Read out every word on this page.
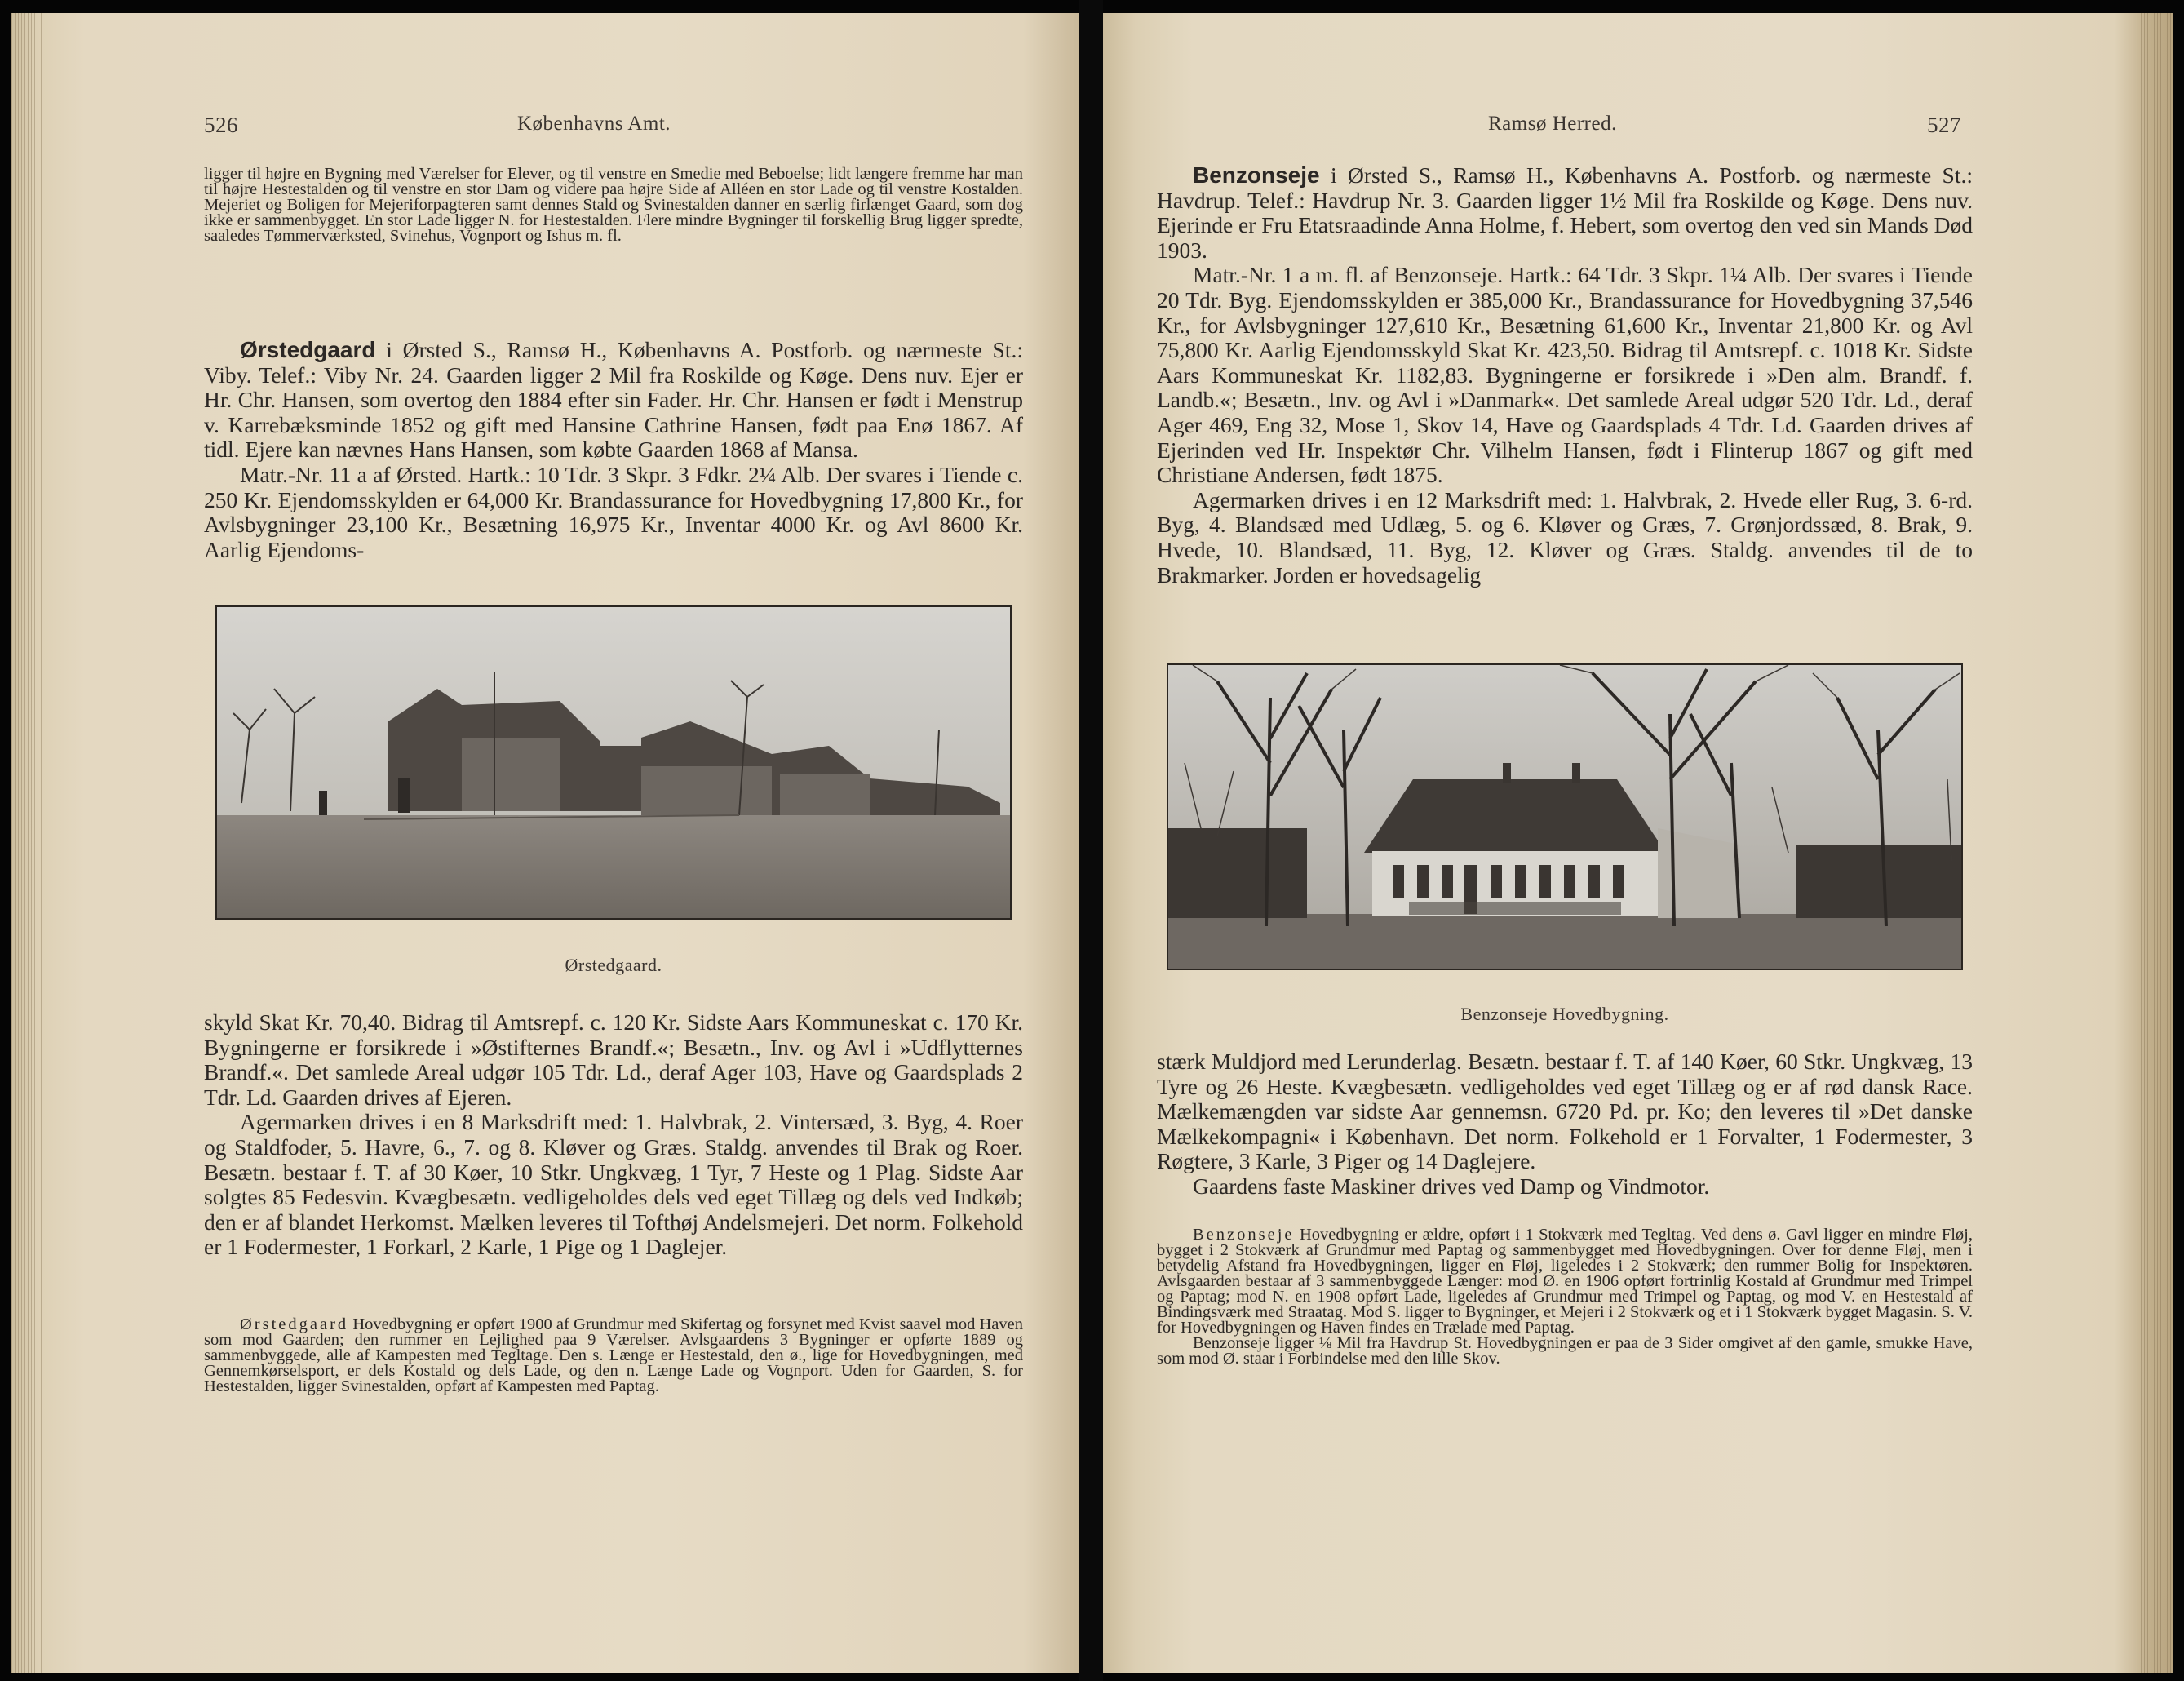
526	Københavns Amt.

ligger til højre en Bygning med Værelser for Elever, og til venstre en Smedie med Beboelse; lidt længere fremme har man til højre Hestestalden og til venstre en stor Dam og videre paa højre Side af Alléen en stor Lade og til venstre Kostalden. Mejeriet og Boligen for Mejeriforpagteren samt dennes Stald og Svinestalden danner en særlig firlænget Gaard, som dog ikke er sammenbygget. En stor Lade ligger N. for Hestestalden. Flere mindre Bygninger til forskellig Brug ligger spredte, saaledes Tømmerværksted, Svinehus, Vognport og Ishus m. fl.

Ørstedgaard i Ørsted S., Ramsø H., Københavns A. Postforb. og nærmeste St.: Viby. Telef.: Viby Nr. 24. Gaarden ligger 2 Mil fra Roskilde og Køge. Dens nuv. Ejer er Hr. Chr. Hansen, som overtog den 1884 efter sin Fader. Hr. Chr. Hansen er født i Menstrup v. Karrebæksminde 1852 og gift med Hansine Cathrine Hansen, født paa Enø 1867. Af tidl. Ejere kan nævnes Hans Hansen, som købte Gaarden 1868 af Mansa.

Matr.-Nr. 11 a af Ørsted. Hartk.: 10 Tdr. 3 Skpr. 3 Fdkr. 2¼ Alb. Der svares i Tiende c. 250 Kr. Ejendomsskylden er 64,000 Kr. Brandassurance for Hovedbygning 17,800 Kr., for Avlsbygninger 23,100 Kr., Besætning 16,975 Kr., Inventar 4000 Kr. og Avl 8600 Kr. Aarlig Ejendoms-

Ørstedgaard.

skyld Skat Kr. 70,40. Bidrag til Amtsrepf. c. 120 Kr. Sidste Aars Kommuneskat c. 170 Kr. Bygningerne er forsikrede i »Østifternes Brandf.«; Besætn., Inv. og Avl i »Udflytternes Brandf.«. Det samlede Areal udgør 105 Tdr. Ld., deraf Ager 103, Have og Gaardsplads 2 Tdr. Ld. Gaarden drives af Ejeren.

Agermarken drives i en 8 Marksdrift med: 1. Halvbrak, 2. Vintersæd, 3. Byg, 4. Roer og Staldfoder, 5. Havre, 6., 7. og 8. Kløver og Græs. Staldg. anvendes til Brak og Roer. Besætn. bestaar f. T. af 30 Køer, 10 Stkr. Ungkvæg, 1 Tyr, 7 Heste og 1 Plag. Sidste Aar solgtes 85 Fedesvin. Kvægbesætn. vedligeholdes dels ved eget Tillæg og dels ved Indkøb; den er af blandet Herkomst. Mælken leveres til Tofthøj Andelsmejeri. Det norm. Folkehold er 1 Fodermester, 1 Forkarl, 2 Karle, 1 Pige og 1 Daglejer.

Ørstedgaard Hovedbygning er opført 1900 af Grundmur med Skifertag og forsynet med Kvist saavel mod Haven som mod Gaarden; den rummer en Lejlighed paa 9 Værelser. Avlsgaardens 3 Bygninger er opførte 1889 og sammenbyggede, alle af Kampesten med Tegltage. Den s. Længe er Hestestald, den ø., lige for Hovedbygningen, med Gennemkørselsport, er dels Kostald og dels Lade, og den n. Længe Lade og Vognport. Uden for Gaarden, S. for Hestestalden, ligger Svinestalden, opført af Kampesten med Paptag.

Ramsø Herred.	527

Benzonseje i Ørsted S., Ramsø H., Københavns A. Postforb. og nærmeste St.: Havdrup. Telef.: Havdrup Nr. 3. Gaarden ligger 1½ Mil fra Roskilde og Køge. Dens nuv. Ejerinde er Fru Etatsraadinde Anna Holme, f. Hebert, som overtog den ved sin Mands Død 1903.

Matr.-Nr. 1 a m. fl. af Benzonseje. Hartk.: 64 Tdr. 3 Skpr. 1¼ Alb. Der svares i Tiende 20 Tdr. Byg. Ejendomsskylden er 385,000 Kr., Brandassurance for Hovedbygning 37,546 Kr., for Avlsbygninger 127,610 Kr., Besætning 61,600 Kr., Inventar 21,800 Kr. og Avl 75,800 Kr. Aarlig Ejendomsskyld Skat Kr. 423,50. Bidrag til Amtsrepf. c. 1018 Kr. Sidste Aars Kommuneskat Kr. 1182,83. Bygningerne er forsikrede i »Den alm. Brandf. f. Landb.«; Besætn., Inv. og Avl i »Danmark«. Det samlede Areal udgør 520 Tdr. Ld., deraf Ager 469, Eng 32, Mose 1, Skov 14, Have og Gaardsplads 4 Tdr. Ld. Gaarden drives af Ejerinden ved Hr. Inspektør Chr. Vilhelm Hansen, født i Flinterup 1867 og gift med Christiane Andersen, født 1875.

Agermarken drives i en 12 Marksdrift med: 1. Halvbrak, 2. Hvede eller Rug, 3. 6-rd. Byg, 4. Blandsæd med Udlæg, 5. og 6. Kløver og Græs, 7. Grønjordssæd, 8. Brak, 9. Hvede, 10. Blandsæd, 11. Byg, 12. Kløver og Græs. Staldg. anvendes til de to Brakmarker. Jorden er hovedsagelig

Benzonseje Hovedbygning.

stærk Muldjord med Lerunderlag. Besætn. bestaar f. T. af 140 Køer, 60 Stkr. Ungkvæg, 13 Tyre og 26 Heste. Kvægbesætn. vedligeholdes ved eget Tillæg og er af rød dansk Race. Mælkemængden var sidste Aar gennemsn. 6720 Pd. pr. Ko; den leveres til »Det danske Mælkekompagni« i København. Det norm. Folkehold er 1 Forvalter, 1 Fodermester, 3 Røgtere, 3 Karle, 3 Piger og 14 Daglejere.

Gaardens faste Maskiner drives ved Damp og Vindmotor.

Benzonseje Hovedbygning er ældre, opført i 1 Stokværk med Tegltag. Ved dens ø. Gavl ligger en mindre Fløj, bygget i 2 Stokværk af Grundmur med Paptag og sammenbygget med Hovedbygningen. Over for denne Fløj, men i betydelig Afstand fra Hovedbygningen, ligger en Fløj, ligeledes i 2 Stokværk; den rummer Bolig for Inspektøren. Avlsgaarden bestaar af 3 sammenbyggede Længer: mod Ø. en 1906 opført fortrinlig Kostald af Grundmur med Trimpel og Paptag; mod N. en 1908 opført Lade, ligeledes af Grundmur med Trimpel og Paptag, og mod V. en Hestestald af Bindingsværk med Straatag. Mod S. ligger to Bygninger, et Mejeri i 2 Stokværk og et i 1 Stokværk bygget Magasin. S. V. for Hovedbygningen og Haven findes en Trælade med Paptag.

Benzonseje ligger ⅛ Mil fra Havdrup St. Hovedbygningen er paa de 3 Sider omgivet af den gamle, smukke Have, som mod Ø. staar i Forbindelse med den lille Skov.
